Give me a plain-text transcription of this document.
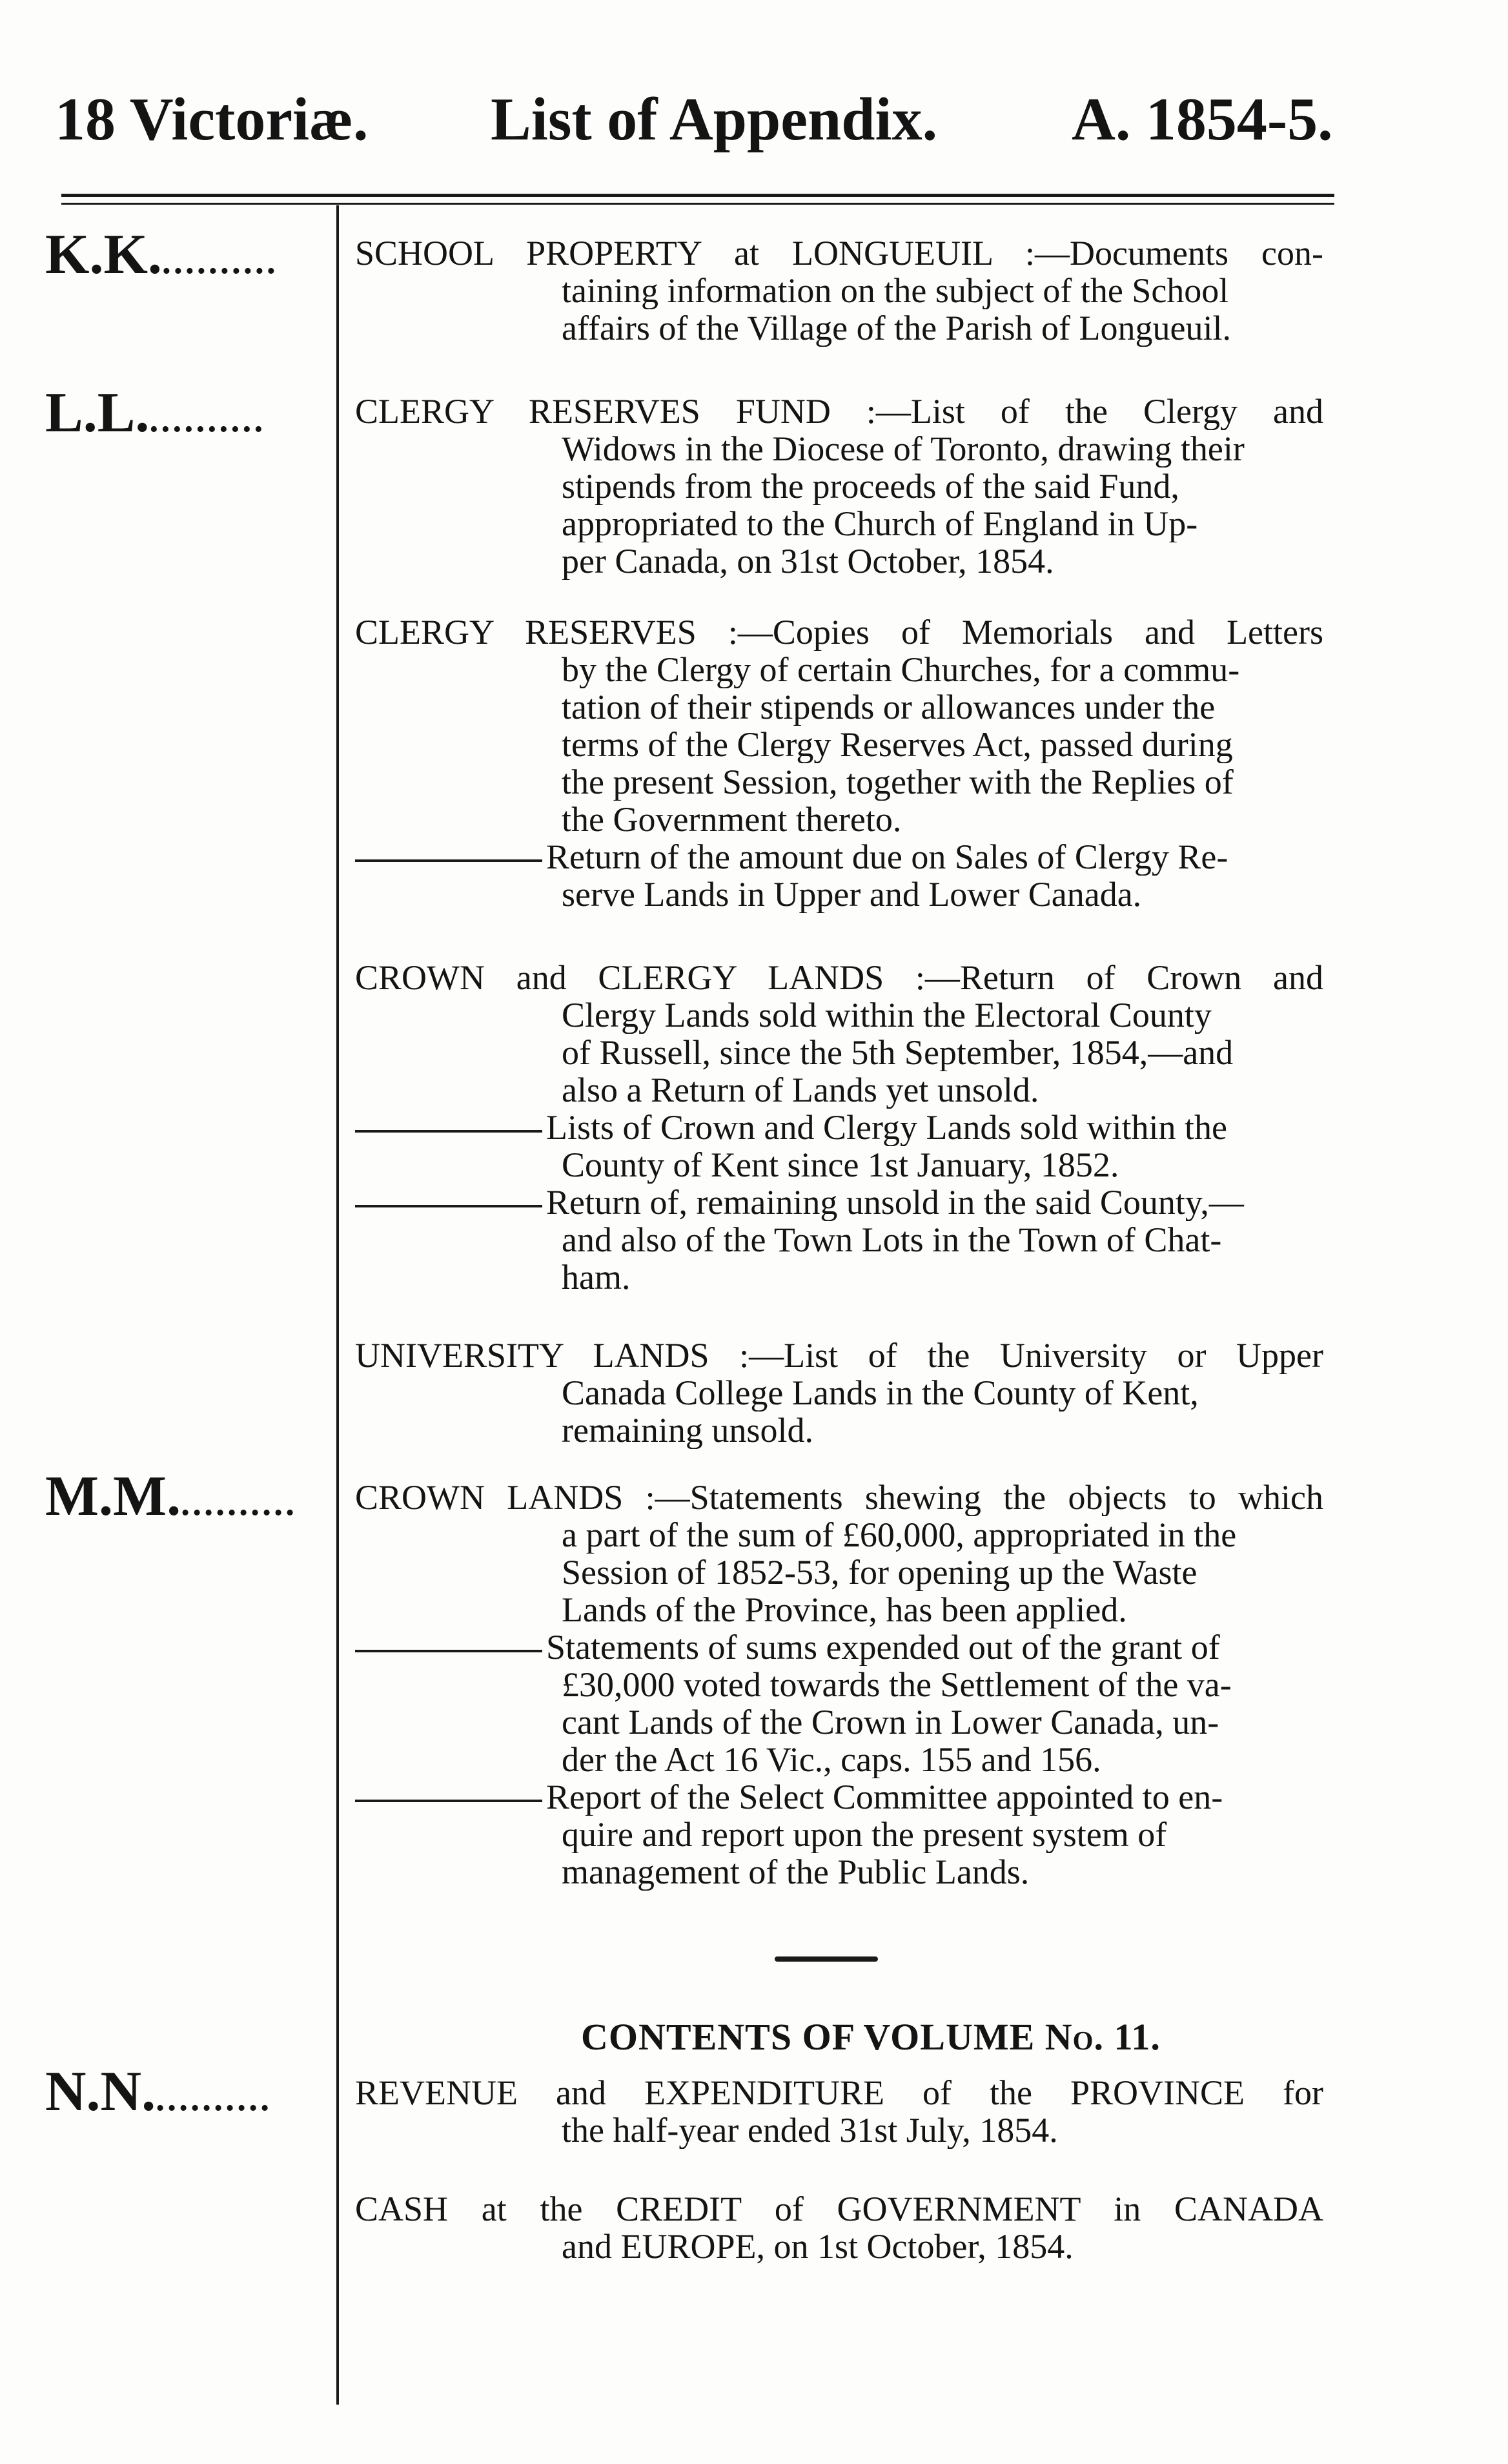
18 Victoriæ. List of Appendix. A. 1854-5.
K.K........... SCHOOL PROPERTY at LONGUEUIL :—Documents con-
taining information on the subject of the School
affairs of the Village of the Parish of Longueuil.
L.L...........	CLERGY RESERVES FUND :—List of the Clergy and
Widows in the Diocese of Toronto, drawing their
stipends from the proceeds of the said Fund,
appropriated to the Church of England in Up-
per Canada, on 31st October, 1854.
CLERGY RESERVES :—Copies of Memorials and Letters
by the Clergy of certain Churches, for a commu-
tation of their stipends or allowances under the
terms of the Clergy Reserves Act, passed during
the present Session, together with the Replies of
the Government thereto.
Return of the amount due on Sales of Clergy Re-
serve Lands in Upper and Lower Canada.
CROWN and CLERGY LANDS :—Return of Crown and
Clergy Lands sold within the Electoral County
of Russell, since the 5th September, 1854,—and
also a Return of Lands yet unsold.
Lists of Crown and Clergy Lands sold within the
County of Kent since 1st January, 1852.
Return of, remaining unsold in the said County,—
and also of the Town Lots in the Town of Chat-
ham.
UNIVERSITY LANDS :—List of the University or Upper
Canada College Lands in the County of Kent,
remaining unsold.
M.M........... CROWN LANDS :—Statements shewing the objects to which
a part of the sum of £60,000, appropriated in the
Session of 1852-53, for opening up the Waste
Lands of the Province, has been applied.
Statements of sums expended out of the grant of
£30,000 voted towards the Settlement of the va-
cant Lands of the Crown in Lower Canada, un-
der the Act 16 Vic., caps. 155 and 156.
Report of the Select Committee appointed to en-
quire and report upon the present system of
management of the Public Lands.
CONTENTS OF VOLUME No. 11.
N.N........... REVENUE and EXPENDITURE of the PROVINCE for
the half-year ended 31st July, 1854.
CASH at the CREDIT of GOVERNMENT in CANADA
and EUROPE, on 1st October, 1854.
